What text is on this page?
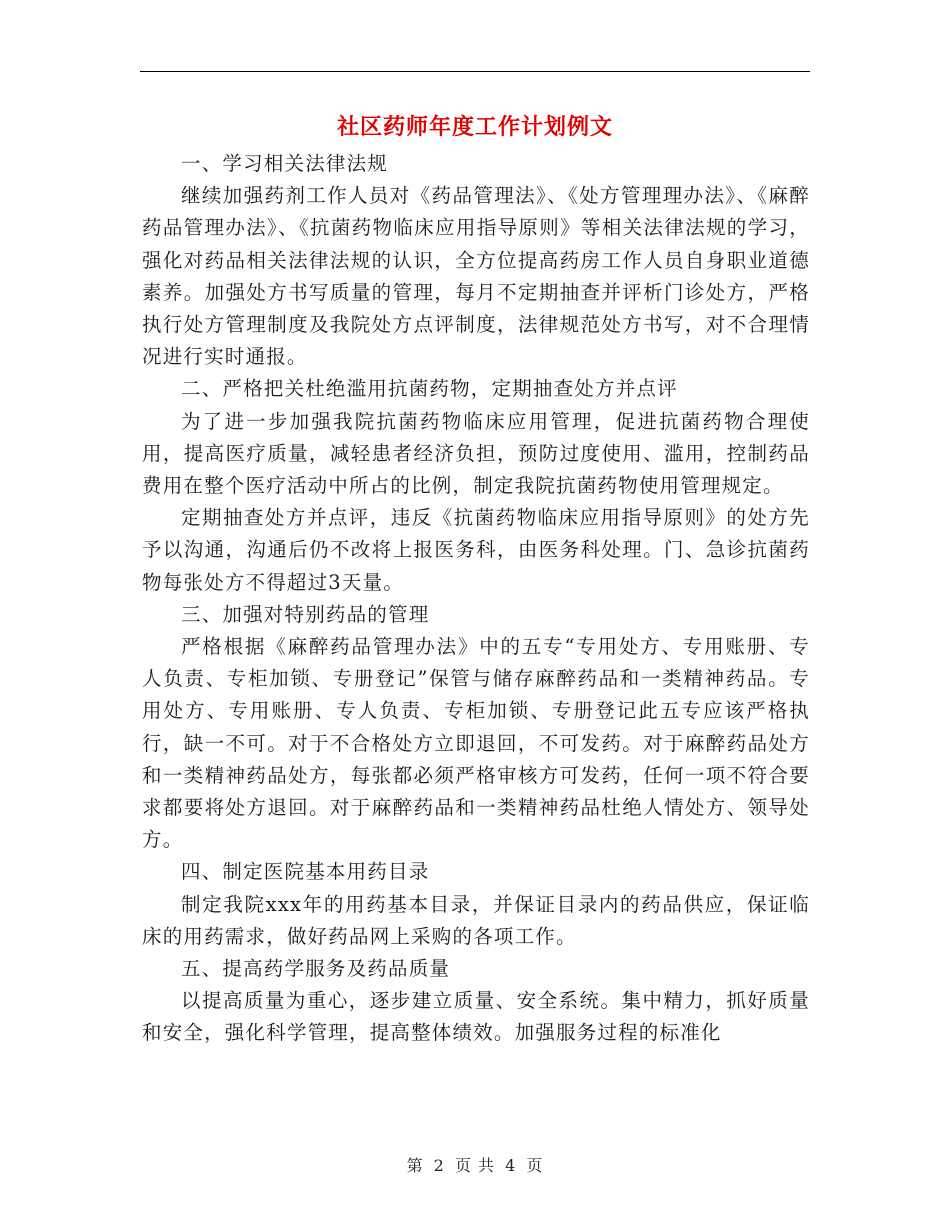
社区药师年度工作计划例文

一、学习相关法律法规

继续加强药剂工作人员对《药品管理法》、《处方管理理办法》、《麻醉药品管理办法》、《抗菌药物临床应用指导原则》等相关法律法规的学习，强化对药品相关法律法规的认识，全方位提高药房工作人员自身职业道德素养。加强处方书写质量的管理，每月不定期抽查并评析门诊处方，严格执行处方管理制度及我院处方点评制度，法律规范处方书写，对不合理情况进行实时通报。

二、严格把关杜绝滥用抗菌药物，定期抽查处方并点评

为了进一步加强我院抗菌药物临床应用管理，促进抗菌药物合理使用，提高医疗质量，减轻患者经济负担，预防过度使用、滥用，控制药品费用在整个医疗活动中所占的比例，制定我院抗菌药物使用管理规定。

定期抽查处方并点评，违反《抗菌药物临床应用指导原则》的处方先予以沟通，沟通后仍不改将上报医务科，由医务科处理。门、急诊抗菌药物每张处方不得超过3天量。

三、加强对特别药品的管理

严格根据《麻醉药品管理办法》中的五专“专用处方、专用账册、专人负责、专柜加锁、专册登记”保管与储存麻醉药品和一类精神药品。专用处方、专用账册、专人负责、专柜加锁、专册登记此五专应该严格执行，缺一不可。对于不合格处方立即退回，不可发药。对于麻醉药品处方和一类精神药品处方，每张都必须严格审核方可发药，任何一项不符合要求都要将处方退回。对于麻醉药品和一类精神药品杜绝人情处方、领导处方。

四、制定医院基本用药目录

制定我院xxx年的用药基本目录，并保证目录内的药品供应，保证临床的用药需求，做好药品网上采购的各项工作。

五、提高药学服务及药品质量

以提高质量为重心，逐步建立质量、安全系统。集中精力，抓好质量和安全，强化科学管理，提高整体绩效。加强服务过程的标准化

第 2 页 共 4 页
